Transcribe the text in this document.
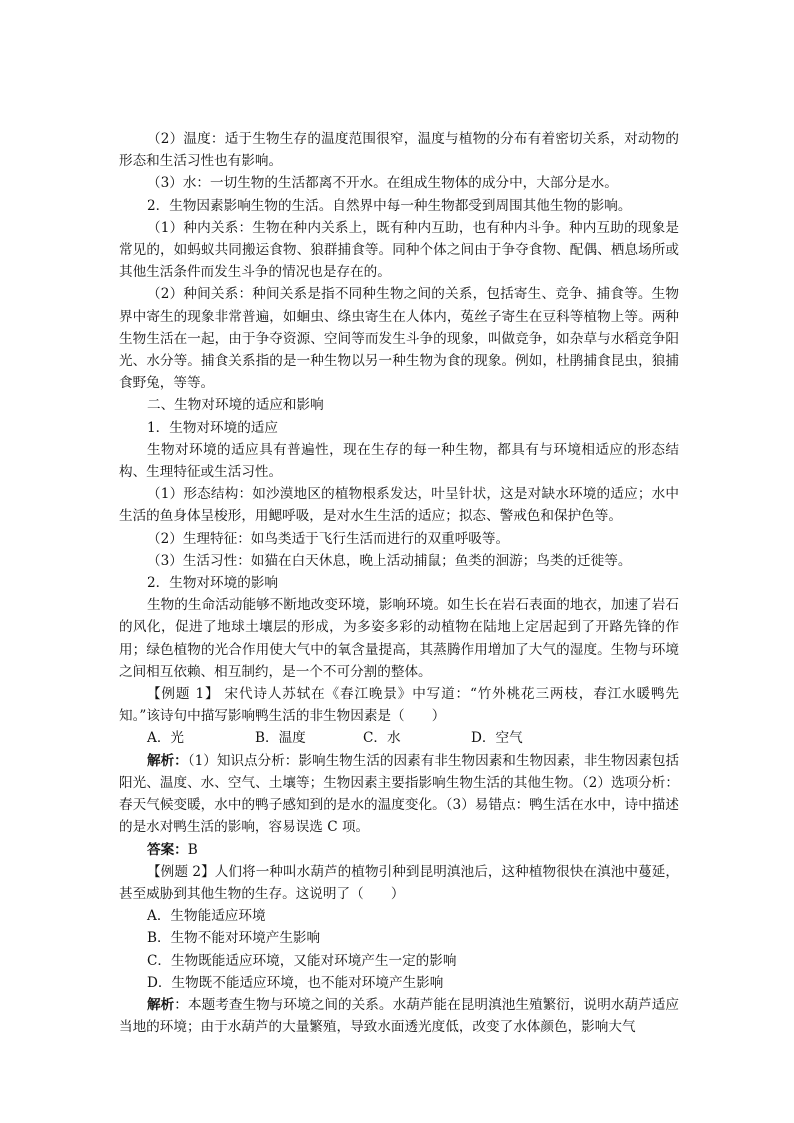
（2）温度：适于生物生存的温度范围很窄，温度与植物的分布有着密切关系，对动物的形态和生活习性也有影响。

（3）水：一切生物的生活都离不开水。在组成生物体的成分中，大部分是水。

2．生物因素影响生物的生活。自然界中每一种生物都受到周围其他生物的影响。

（1）种内关系：生物在种内关系上，既有种内互助，也有种内斗争。种内互助的现象是常见的，如蚂蚁共同搬运食物、狼群捕食等。同种个体之间由于争夺食物、配偶、栖息场所或其他生活条件而发生斗争的情况也是存在的。

（2）种间关系：种间关系是指不同种生物之间的关系，包括寄生、竞争、捕食等。生物界中寄生的现象非常普遍，如蛔虫、绦虫寄生在人体内，菟丝子寄生在豆科等植物上等。两种生物生活在一起，由于争夺资源、空间等而发生斗争的现象，叫做竞争，如杂草与水稻竞争阳光、水分等。捕食关系指的是一种生物以另一种生物为食的现象。例如，杜鹃捕食昆虫，狼捕食野兔，等等。

二、生物对环境的适应和影响

1．生物对环境的适应

生物对环境的适应具有普遍性，现在生存的每一种生物，都具有与环境相适应的形态结构、生理特征或生活习性。

（1）形态结构：如沙漠地区的植物根系发达，叶呈针状，这是对缺水环境的适应；水中生活的鱼身体呈梭形，用鳃呼吸，是对水生生活的适应；拟态、警戒色和保护色等。

（2）生理特征：如鸟类适于飞行生活而进行的双重呼吸等。

（3）生活习性：如猫在白天休息，晚上活动捕鼠；鱼类的洄游；鸟类的迁徙等。

2．生物对环境的影响

生物的生命活动能够不断地改变环境，影响环境。如生长在岩石表面的地衣，加速了岩石的风化，促进了地球土壤层的形成，为多姿多彩的动植物在陆地上定居起到了开路先锋的作用；绿色植物的光合作用使大气中的氧含量提高，其蒸腾作用增加了大气的湿度。生物与环境之间相互依赖、相互制约，是一个不可分割的整体。

【例题 1】 宋代诗人苏轼在《春江晚景》中写道：“竹外桃花三两枝，春江水暖鸭先知。”该诗句中描写影响鸭生活的非生物因素是（　　）

A．光	B．温度	C．水	D．空气

解析：（1）知识点分析：影响生物生活的因素有非生物因素和生物因素，非生物因素包括阳光、温度、水、空气、土壤等；生物因素主要指影响生物生活的其他生物。（2）选项分析：春天气候变暖，水中的鸭子感知到的是水的温度变化。（3）易错点：鸭生活在水中，诗中描述的是水对鸭生活的影响，容易误选 C 项。

答案：B

【例题 2】人们将一种叫水葫芦的植物引种到昆明滇池后，这种植物很快在滇池中蔓延，甚至威胁到其他生物的生存。这说明了（　　）

A．生物能适应环境

B．生物不能对环境产生影响

C．生物既能适应环境，又能对环境产生一定的影响

D．生物既不能适应环境，也不能对环境产生影响

解析：本题考查生物与环境之间的关系。水葫芦能在昆明滇池生殖繁衍，说明水葫芦适应当地的环境；由于水葫芦的大量繁殖，导致水面透光度低，改变了水体颜色，影响大气
